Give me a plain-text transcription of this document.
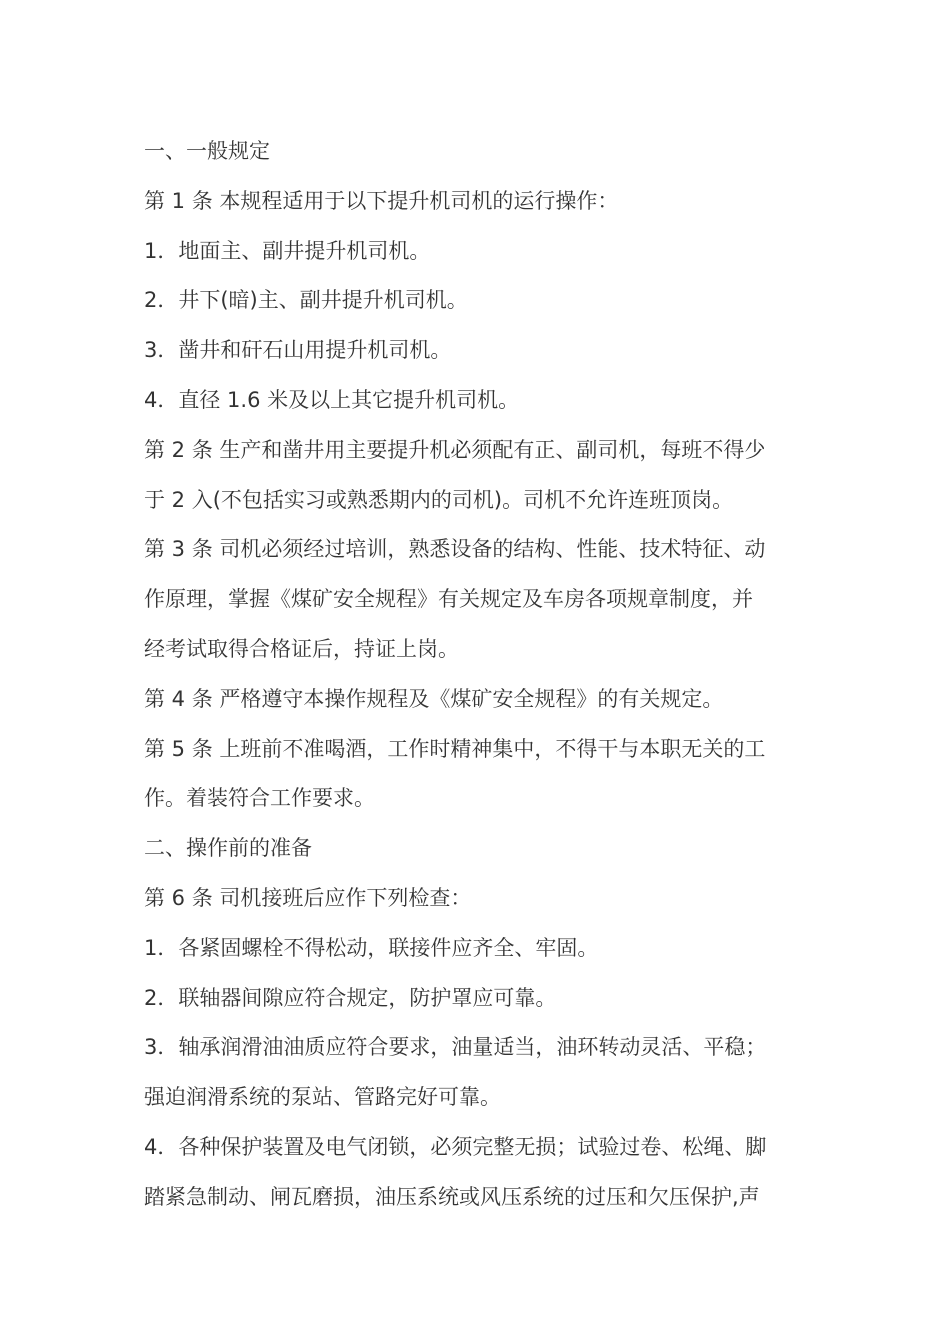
一、一般规定
第 1 条 本规程适用于以下提升机司机的运行操作：
1．地面主、副井提升机司机。
2．井下(暗)主、副井提升机司机。
3．凿井和矸石山用提升机司机。
4．直径 1.6 米及以上其它提升机司机。
第 2 条 生产和凿井用主要提升机必须配有正、副司机，每班不得少
于 2 入(不包括实习或熟悉期内的司机)。司机不允许连班顶岗。
第 3 条 司机必须经过培训，熟悉设备的结构、性能、技术特征、动
作原理，掌握《煤矿安全规程》有关规定及车房各项规章制度，并
经考试取得合格证后，持证上岗。
第 4 条 严格遵守本操作规程及《煤矿安全规程》的有关规定。
第 5 条 上班前不准喝酒，工作时精神集中，不得干与本职无关的工
作。着装符合工作要求。
二、操作前的准备
第 6 条 司机接班后应作下列检查：
1．各紧固螺栓不得松动，联接件应齐全、牢固。
2．联轴器间隙应符合规定，防护罩应可靠。
3．轴承润滑油油质应符合要求，油量适当，油环转动灵活、平稳；
强迫润滑系统的泵站、管路完好可靠。
4．各种保护装置及电气闭锁，必须完整无损；试验过卷、松绳、脚
踏紧急制动、闸瓦磨损，油压系统或风压系统的过压和欠压保护,声
